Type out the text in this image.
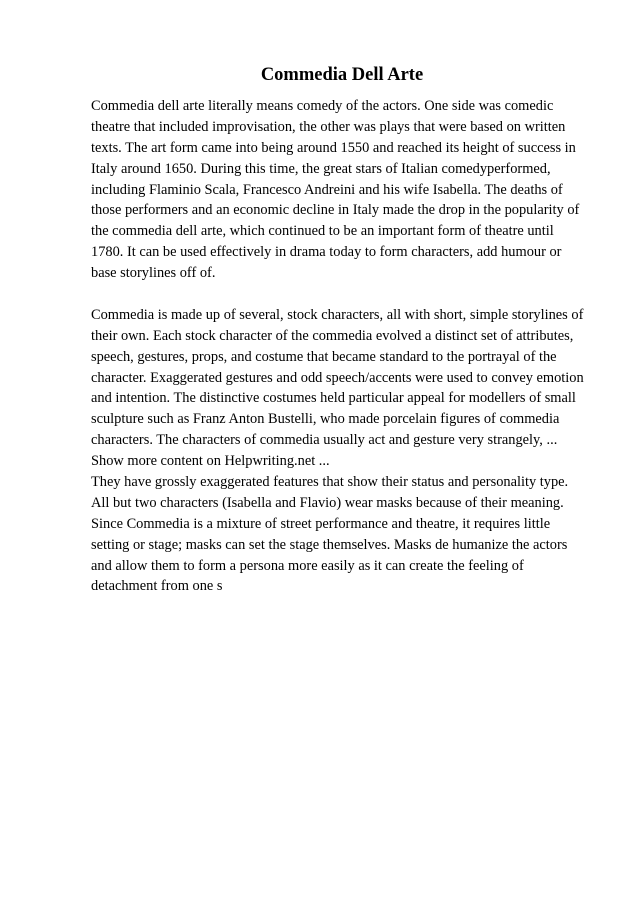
Commedia Dell Arte
Commedia dell arte literally means comedy of the actors. One side was comedic
theatre that included improvisation, the other was plays that were based on written
texts. The art form came into being around 1550 and reached its height of success in
Italy around 1650. During this time, the great stars of Italian comedyperformed,
including Flaminio Scala, Francesco Andreini and his wife Isabella. The deaths of
those performers and an economic decline in Italy made the drop in the popularity of
the commedia dell arte, which continued to be an important form of theatre until
1780. It can be used effectively in drama today to form characters, add humour or
base storylines off of.
Commedia is made up of several, stock characters, all with short, simple storylines of
their own. Each stock character of the commedia evolved a distinct set of attributes,
speech, gestures, props, and costume that became standard to the portrayal of the
character. Exaggerated gestures and odd speech/accents were used to convey emotion
and intention. The distinctive costumes held particular appeal for modellers of small
sculpture such as Franz Anton Bustelli, who made porcelain figures of commedia
characters. The characters of commedia usually act and gesture very strangely, ...
Show more content on Helpwriting.net ...
They have grossly exaggerated features that show their status and personality type.
All but two characters (Isabella and Flavio) wear masks because of their meaning.
Since Commedia is a mixture of street performance and theatre, it requires little
setting or stage; masks can set the stage themselves. Masks de humanize the actors
and allow them to form a persona more easily as it can create the feeling of
detachment from one s
